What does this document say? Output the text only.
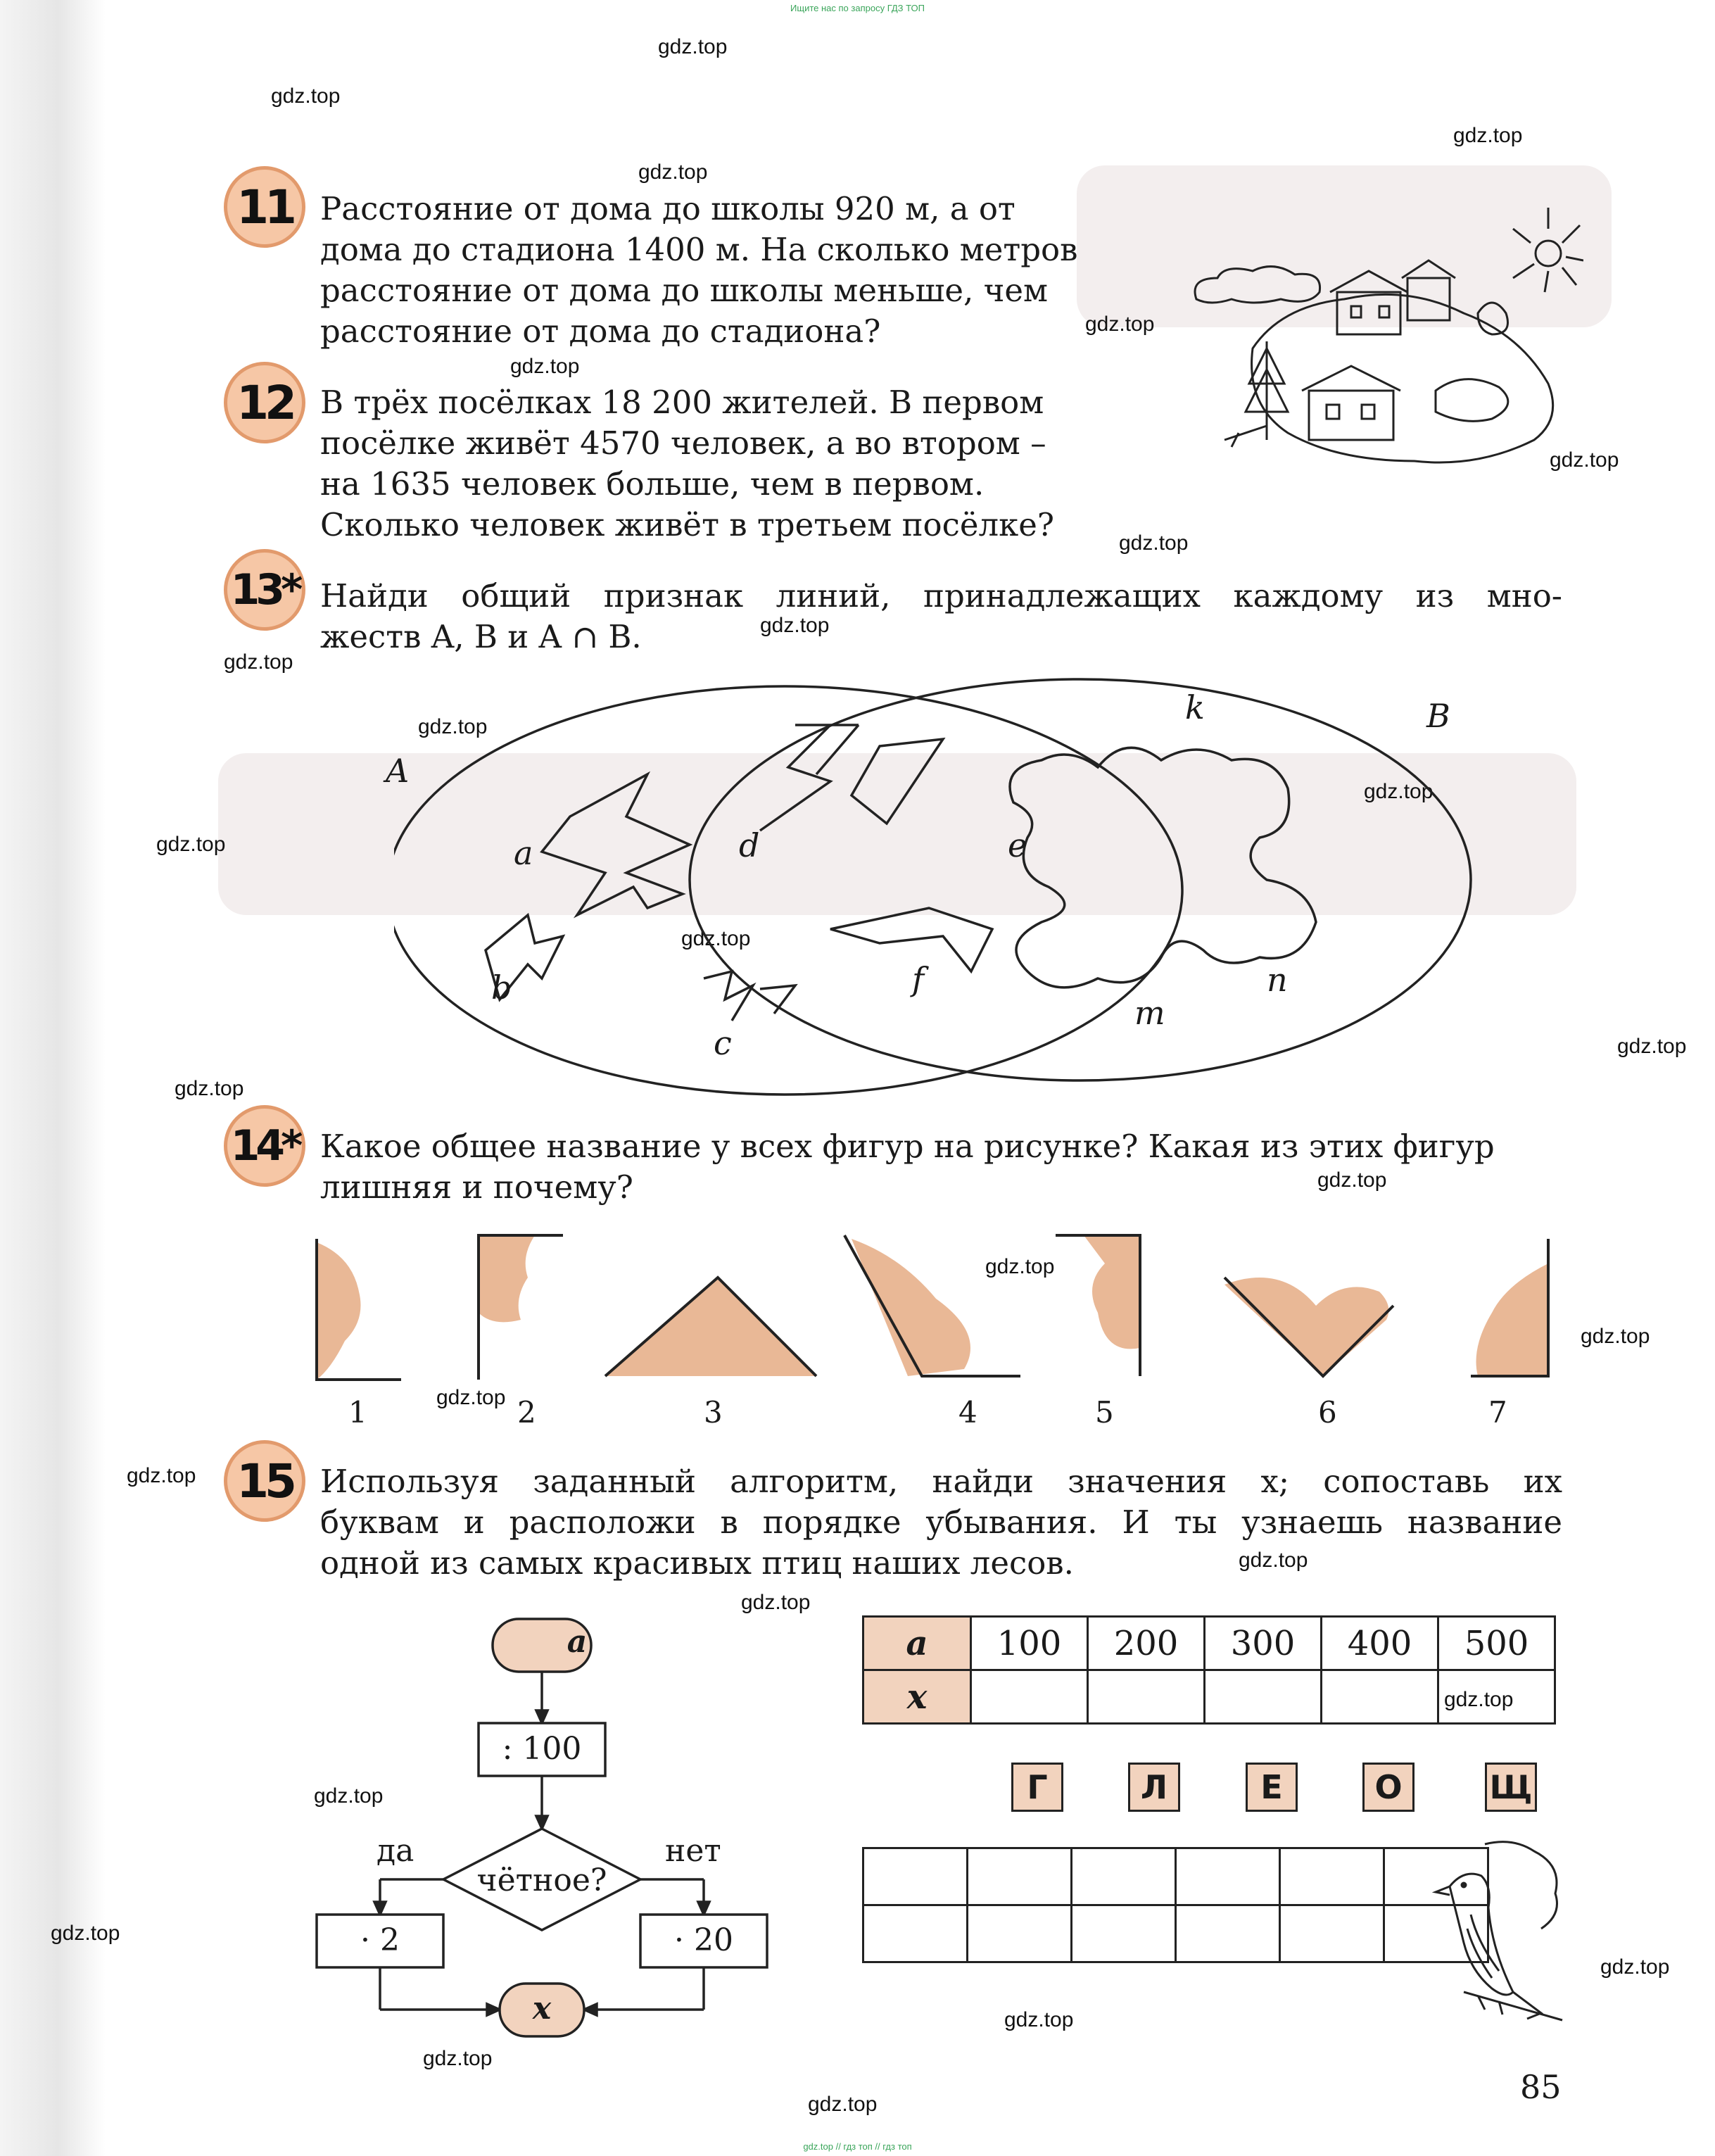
Ищите нас по запросу ГДЗ ТОП
gdz.top // гдз топ // гдз топ
gdz.top
gdz.top
gdz.top
gdz.top
gdz.top
gdz.top
gdz.top
gdz.top
gdz.top
gdz.top
gdz.top
gdz.top
gdz.top
gdz.top
gdz.top
gdz.top
gdz.top
gdz.top
gdz.top
gdz.top
gdz.top
gdz.top
gdz.top
gdz.top
gdz.top
gdz.top
gdz.top
gdz.top
gdz.top
gdz.top
11 Расстояние от дома до школы 920 м, а от

дома до стадиона 1400 м. На сколько метров

расстояние от дома до школы меньше, чем

расстояние от дома до стадиона?

12 В трёх посёлках 18 200 жителей. В первом

посёлке живёт 4570 человек, а во втором –

на 1635 человек больше, чем в первом.

Сколько человек живёт в третьем посёлке?

13* Найди общий признак линий, принадлежащих каждому из мно-

жеств A, B и A ∩ B.

A
B
a
b
c
d	e
f
k
m
n
14* Какое общее название у всех фигур на рисунке? Какая из этих фигур

лишняя и почему?

1	2	3	4	5	6	7
15 Используя заданный алгоритм, найди значения x; сопоставь их

буквам и расположи в порядке убывания. И ты узнаешь название

одной из самых красивых птиц наших лесов.

a
: 100
чётное?
да	нет
· 2	· 20
x
a	100	200	300	400	500
x					
Г	Л	Е	О	Щ

85
